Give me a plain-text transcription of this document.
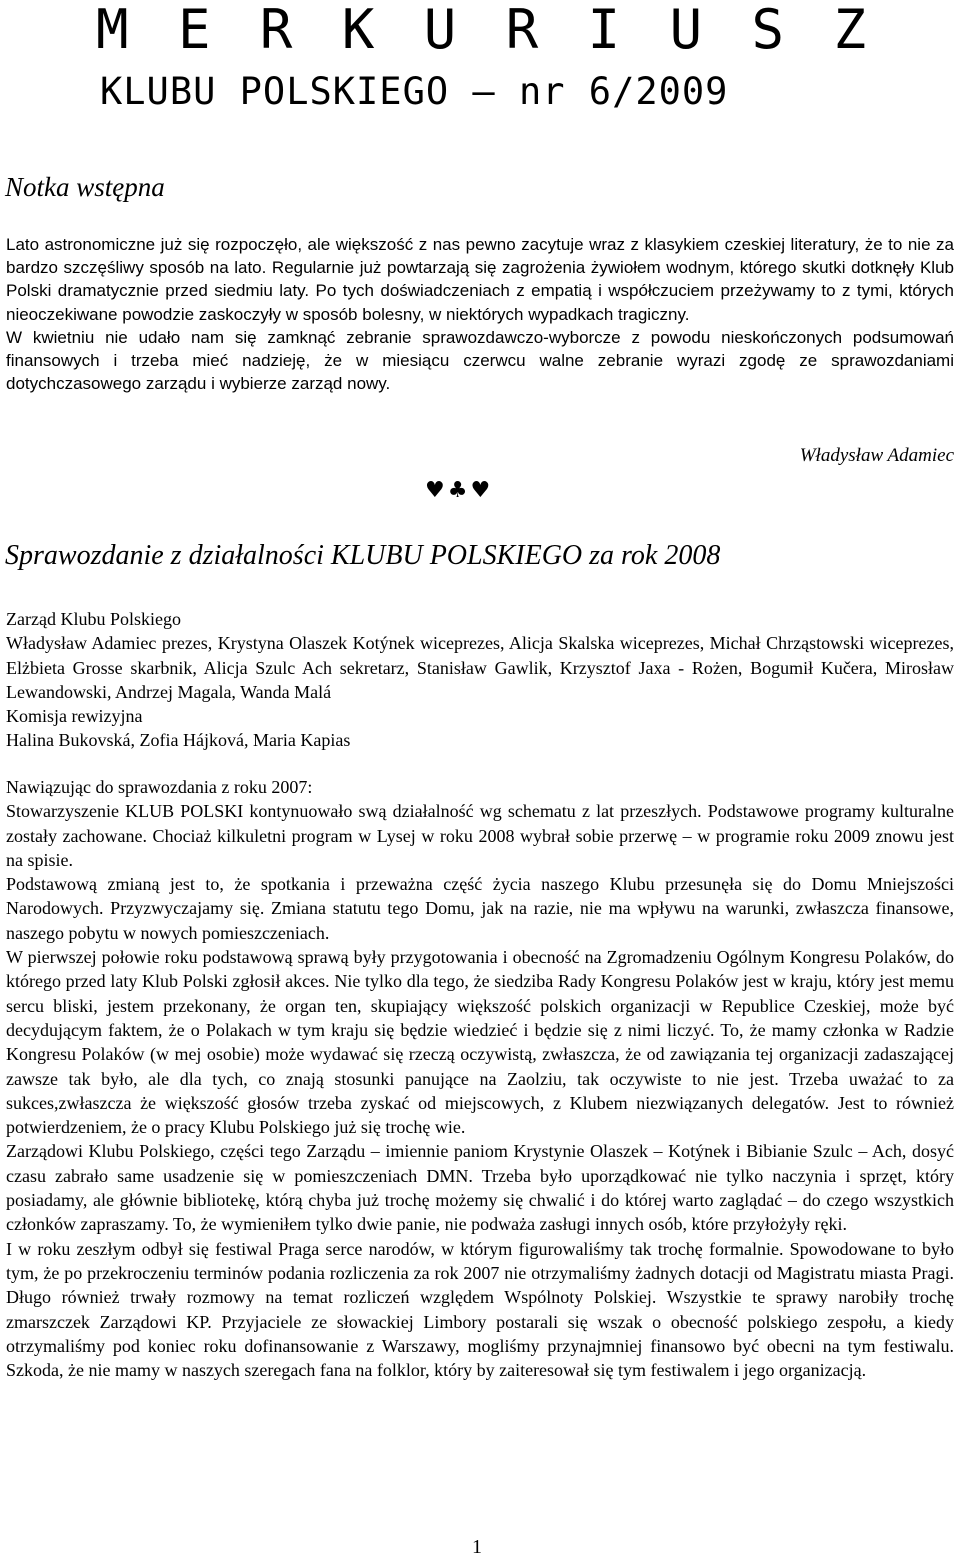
M E R K U R I U S Z
KLUBU POLSKIEGO – nr 6/2009
Notka wstępna

Lato astronomiczne już się rozpoczęło, ale większość z nas pewno zacytuje wraz z klasykiem czeskiej literatury, że to nie za bardzo szczęśliwy sposób na lato. Regularnie już powtarzają się zagrożenia żywiołem wodnym, którego skutki dotknęły Klub Polski dramatycznie przed siedmiu laty. Po tych doświadczeniach z empatią i współczuciem przeżywamy to z tymi, których nieoczekiwane powodzie zaskoczyły w sposób bolesny, w niektórych wypadkach tragiczny.

W kwietniu nie udało nam się zamknąć zebranie sprawozdawczo-wyborcze z powodu nieskończonych podsumowań finansowych i trzeba mieć nadzieję, że w miesiącu czerwcu walne zebranie wyrazi zgodę ze sprawozdaniami dotychczasowego zarządu i wybierze zarząd nowy.

Władysław Adamiec
♥♣♥
Sprawozdanie z działalności KLUBU POLSKIEGO za rok 2008

Zarząd Klubu Polskiego

Władysław Adamiec prezes, Krystyna Olaszek Kotýnek wiceprezes, Alicja Skalska wiceprezes, Michał Chrząstowski wiceprezes, Elżbieta Grosse skarbnik, Alicja Szulc Ach sekretarz, Stanisław Gawlik, Krzysztof Jaxa - Rożen, Bogumił Kučera, Mirosław Lewandowski, Andrzej Magala, Wanda Malá

Komisja rewizyjna

Halina Bukovská, Zofia Hájková, Maria Kapias

Nawiązując do sprawozdania z roku 2007:

Stowarzyszenie KLUB POLSKI kontynuowało swą działalność wg schematu z lat przeszłych. Podstawowe programy kulturalne zostały zachowane. Chociaż kilkuletni program w Lysej w roku 2008 wybrał sobie przerwę – w programie roku 2009 znowu jest na spisie.

Podstawową zmianą jest to, że spotkania i przeważna część życia naszego Klubu przesunęła się do Domu Mniejszości Narodowych. Przyzwyczajamy się. Zmiana statutu tego Domu, jak na razie, nie ma wpływu na warunki, zwłaszcza finansowe, naszego pobytu w nowych pomieszczeniach.

W pierwszej połowie roku podstawową sprawą były przygotowania i obecność na Zgromadzeniu Ogólnym Kongresu Polaków, do którego przed laty Klub Polski zgłosił akces. Nie tylko dla tego, że siedziba Rady Kongresu Polaków jest w kraju, który jest memu sercu bliski, jestem przekonany, że organ ten, skupiający większość polskich organizacji w Republice Czeskiej, może być decydującym faktem, że o Polakach w tym kraju się będzie wiedzieć i będzie się z nimi liczyć. To, że mamy członka w Radzie Kongresu Polaków (w mej osobie) może wydawać się rzeczą oczywistą, zwłaszcza, że od zawiązania tej organizacji zadaszającej zawsze tak było, ale dla tych, co znają stosunki panujące na Zaolziu, tak oczywiste to nie jest. Trzeba uważać to za sukces,zwłaszcza że większość głosów trzeba zyskać od miejscowych, z Klubem niezwiązanych delegatów. Jest to również potwierdzeniem, że o pracy Klubu Polskiego już się trochę wie.

Zarządowi Klubu Polskiego, części tego Zarządu – imiennie paniom Krystynie Olaszek – Kotýnek i Bibianie Szulc – Ach, dosyć czasu zabrało same usadzenie się w pomieszczeniach DMN. Trzeba było uporządkować nie tylko naczynia i sprzęt, który posiadamy, ale głównie bibliotekę, którą chyba już trochę możemy się chwalić i do której warto zaglądać – do czego wszystkich członków zapraszamy. To, że wymieniłem tylko dwie panie, nie podważa zasługi innych osób, które przyłożyły ręki.

I w roku zeszłym odbył się festiwal Praga serce narodów, w którym figurowaliśmy tak trochę formalnie. Spowodowane to było tym, że po przekroczeniu terminów podania rozliczenia za rok 2007 nie otrzymaliśmy żadnych dotacji od Magistratu miasta Pragi. Długo również trwały rozmowy na temat rozliczeń względem Wspólnoty Polskiej. Wszystkie te sprawy narobiły trochę zmarszczek Zarządowi KP. Przyjaciele ze słowackiej Limbory postarali się wszak o obecność polskiego zespołu, a kiedy otrzymaliśmy pod koniec roku dofinansowanie z Warszawy, mogliśmy przynajmniej finansowo być obecni na tym festiwalu. Szkoda, że nie mamy w naszych szeregach fana na folklor, który by zaiteresował się tym festiwalem i jego organizacją.

1
